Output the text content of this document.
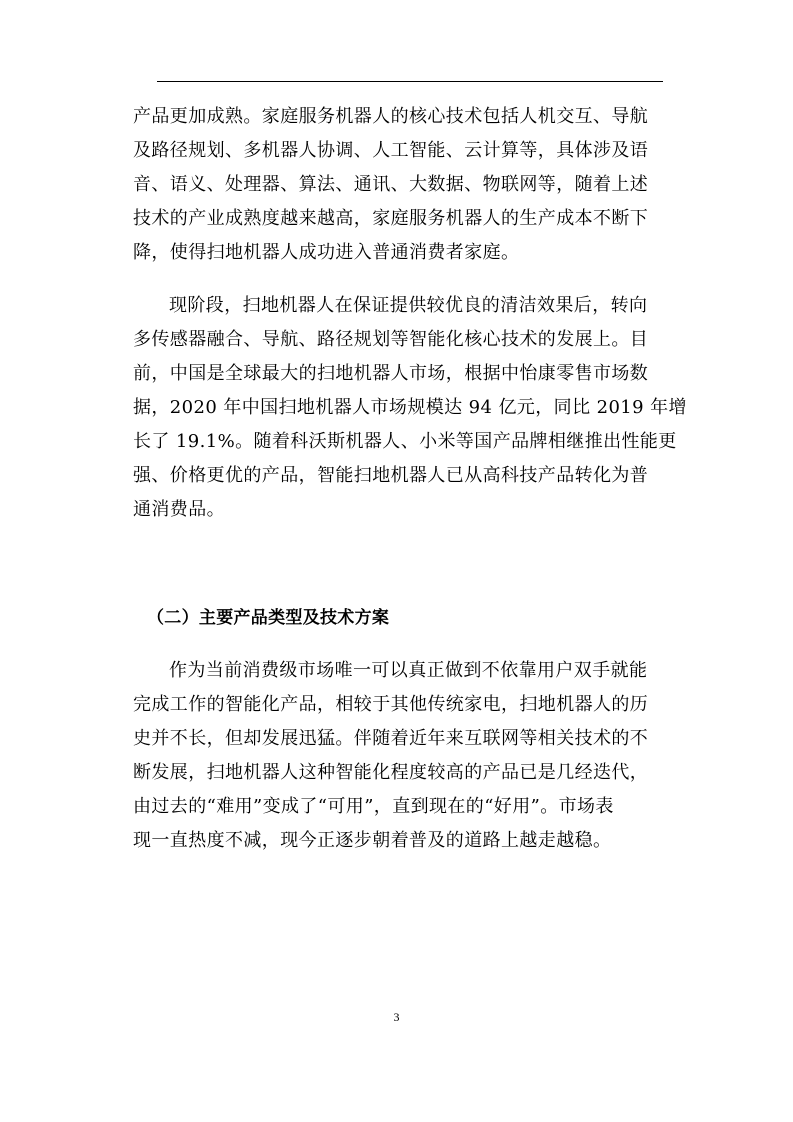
产品更加成熟。家庭服务机器人的核心技术包括人机交互、导航
及路径规划、多机器人协调、人工智能、云计算等，具体涉及语
音、语义、处理器、算法、通讯、大数据、物联网等，随着上述
技术的产业成熟度越来越高，家庭服务机器人的生产成本不断下
降，使得扫地机器人成功进入普通消费者家庭。

现阶段，扫地机器人在保证提供较优良的清洁效果后，转向
多传感器融合、导航、路径规划等智能化核心技术的发展上。目
前，中国是全球最大的扫地机器人市场，根据中怡康零售市场数
据，2020 年中国扫地机器人市场规模达 94 亿元，同比 2019 年增
长了 19.1%。随着科沃斯机器人、小米等国产品牌相继推出性能更
强、价格更优的产品，智能扫地机器人已从高科技产品转化为普
通消费品。

（二）主要产品类型及技术方案

作为当前消费级市场唯一可以真正做到不依靠用户双手就能
完成工作的智能化产品，相较于其他传统家电，扫地机器人的历
史并不长，但却发展迅猛。伴随着近年来互联网等相关技术的不
断发展，扫地机器人这种智能化程度较高的产品已是几经迭代，
由过去的“难用”变成了“可用”，直到现在的“好用”。市场表
现一直热度不减，现今正逐步朝着普及的道路上越走越稳。

3
